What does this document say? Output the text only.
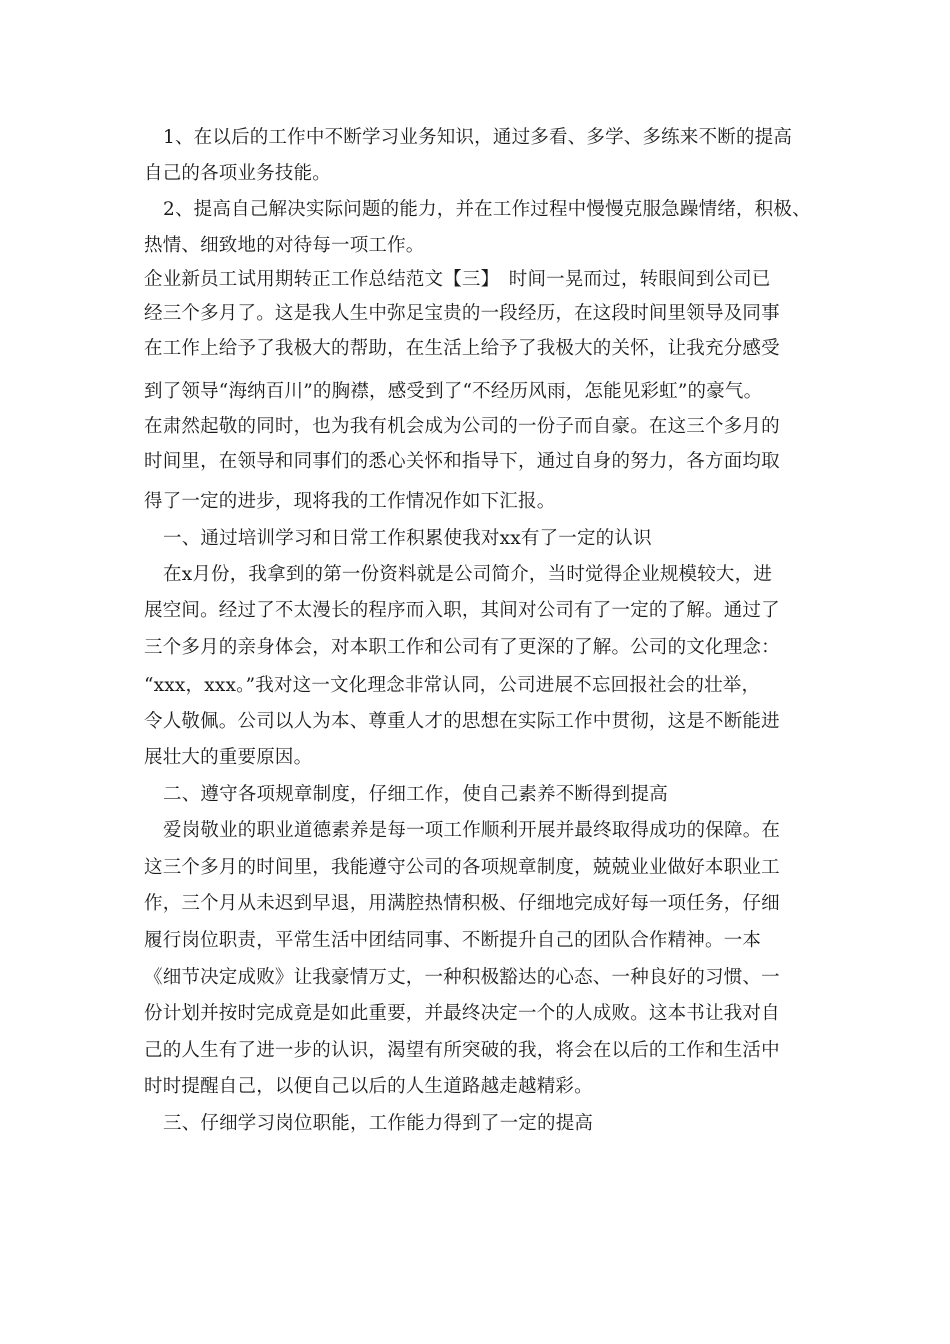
1、在以后的工作中不断学习业务知识，通过多看、多学、多练来不断的提高
自己的各项业务技能。
2、提高自己解决实际问题的能力，并在工作过程中慢慢克服急躁情绪，积极、
热情、细致地的对待每一项工作。
企业新员工试用期转正工作总结范文【三】　时间一晃而过，转眼间到公司已
经三个多月了。这是我人生中弥足宝贵的一段经历，在这段时间里领导及同事
在工作上给予了我极大的帮助，在生活上给予了我极大的关怀，让我充分感受
到了领导“海纳百川”的胸襟，感受到了“不经历风雨，怎能见彩虹”的豪气。
在肃然起敬的同时，也为我有机会成为公司的一份子而自豪。在这三个多月的
时间里，在领导和同事们的悉心关怀和指导下，通过自身的努力，各方面均取
得了一定的进步，现将我的工作情况作如下汇报。
一、通过培训学习和日常工作积累使我对xx有了一定的认识
在x月份，我拿到的第一份资料就是公司简介，当时觉得企业规模较大，进
展空间。经过了不太漫长的程序而入职，其间对公司有了一定的了解。通过了
三个多月的亲身体会，对本职工作和公司有了更深的了解。公司的文化理念：
“xxx，xxx。”我对这一文化理念非常认同，公司进展不忘回报社会的壮举，
令人敬佩。公司以人为本、尊重人才的思想在实际工作中贯彻，这是不断能进
展壮大的重要原因。
二、遵守各项规章制度，仔细工作，使自己素养不断得到提高
爱岗敬业的职业道德素养是每一项工作顺利开展并最终取得成功的保障。在
这三个多月的时间里，我能遵守公司的各项规章制度，兢兢业业做好本职业工
作，三个月从未迟到早退，用满腔热情积极、仔细地完成好每一项任务，仔细
履行岗位职责，平常生活中团结同事、不断提升自己的团队合作精神。一本
《细节决定成败》让我豪情万丈，一种积极豁达的心态、一种良好的习惯、一
份计划并按时完成竟是如此重要，并最终决定一个的人成败。这本书让我对自
己的人生有了进一步的认识，渴望有所突破的我，将会在以后的工作和生活中
时时提醒自己，以便自己以后的人生道路越走越精彩。
三、仔细学习岗位职能，工作能力得到了一定的提高
